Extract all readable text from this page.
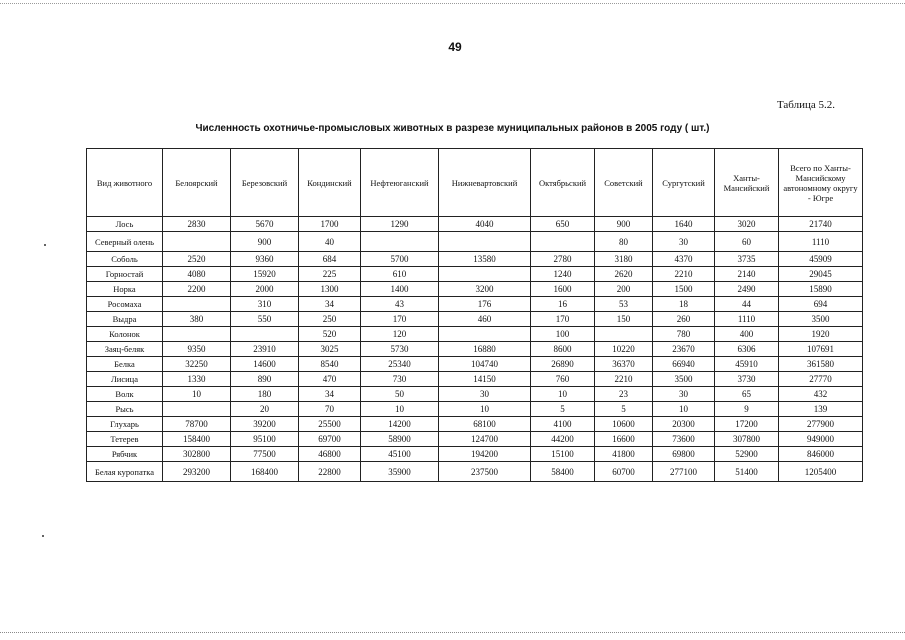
49
Таблица 5.2.
Численность охотничье-промысловых животных в разрезе муниципальных районов в 2005 году ( шт.)
Вид животного	Белоярский	Березовский	Кондинский	Нефтеюганский	Нижневартовский	Октябрьский	Советский	Сургутский	Ханты-Мансийский	Всего по Ханты-Мансийскому автономному округу - Югре
Лось	2830	5670	1700	1290	4040	650	900	1640	3020	21740
Северный олень		900	40				80	30	60	1110
Соболь	2520	9360	684	5700	13580	2780	3180	4370	3735	45909
Горностай	4080	15920	225	610		1240	2620	2210	2140	29045
Норка	2200	2000	1300	1400	3200	1600	200	1500	2490	15890
Росомаха		310	34	43	176	16	53	18	44	694
Выдра	380	550	250	170	460	170	150	260	1110	3500
Колонок			520	120		100		780	400	1920
Заяц-беляк	9350	23910	3025	5730	16880	8600	10220	23670	6306	107691
Белка	32250	14600	8540	25340	104740	26890	36370	66940	45910	361580
Лисица	1330	890	470	730	14150	760	2210	3500	3730	27770
Волк	10	180	34	50	30	10	23	30	65	432
Рысь		20	70	10	10	5	5	10	9	139
Глухарь	78700	39200	25500	14200	68100	4100	10600	20300	17200	277900
Тетерев	158400	95100	69700	58900	124700	44200	16600	73600	307800	949000
Рябчик	302800	77500	46800	45100	194200	15100	41800	69800	52900	846000
Белая куропатка	293200	168400	22800	35900	237500	58400	60700	277100	51400	1205400
